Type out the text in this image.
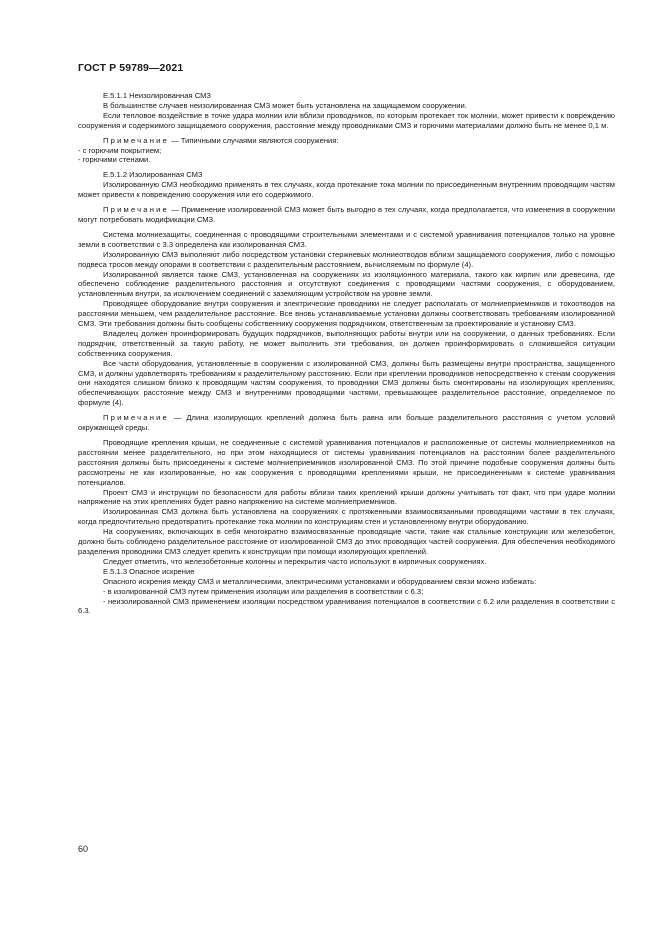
ГОСТ Р 59789—2021

Е.5.1.1 Неизолированная СМЗ

В большинстве случаев неизолированная СМЗ может быть установлена на защищаемом сооружении.

Если тепловое воздействие в точке удара молнии или вблизи проводников, по которым протекает ток молнии, может привести к повреждению сооружения и содержимого защищаемого сооружения, расстояние между проводниками СМЗ и горючими материалами должно быть не менее 0,1 м.

Примечание — Типичными случаями являются сооружения:

- с горючим покрытием;

- горючими стенами.

Е.5.1.2 Изолированная СМЗ

Изолированную СМЗ необходимо применять в тех случаях, когда протекание тока молнии по присоединенным внутренним проводящим частям может привести к повреждению сооружения или его содержимого.

Примечание — Применение изолированной СМЗ может быть выгодно в тех случаях, когда предполагается, что изменения в сооружении могут потребовать модификации СМЗ.

Система молниезащиты, соединенная с проводящими строительными элементами и с системой уравнивания потенциалов только на уровне земли в соответствии с 3.3 определена как изолированная СМЗ.

Изолированную СМЗ выполняют либо посредством установки стержневых молниеотводов вблизи защищаемого сооружения, либо с помощью подвеса тросов между опорами в соответствии с разделительным расстоянием, вычисляемым по формуле (4).

Изолированной является также СМЗ, установленная на сооружениях из изоляционного материала, такого как кирпич или древесина, где обеспечено соблюдение разделительного расстояния и отсутствуют соединения с проводящими частями сооружения, с оборудованием, установленным внутри, за исключением соединений с заземляющим устройством на уровне земли.

Проводящее оборудование внутри сооружения и электрические проводники не следует располагать от молниеприемников и токоотводов на расстоянии меньшем, чем разделительное расстояние. Все вновь устанавливаемые установки должны соответствовать требованиям изолированной СМЗ. Эти требования должны быть сообщены собственнику сооружения подрядчиком, ответственным за проектирование и установку СМЗ.

Владелец должен проинформировать будущих подрядчиков, выполняющих работы внутри или на сооружении, о данных требованиях. Если подрядчик, ответственный за такую работу, не может выполнить эти требования, он должен проинформировать о сложившейся ситуации собственника сооружения.

Все части оборудования, установленные в сооружении с изолированной СМЗ, должны быть размещены внутри пространства, защищенного СМЗ, и должны удовлетворять требованиям к разделительному расстоянию. Если при креплении проводников непосредственно к стенам сооружения они находятся слишком близко к проводящим частям сооружения, то проводники СМЗ должны быть смонтированы на изолирующих креплениях, обеспечивающих расстояние между СМЗ и внутренними проводящими частями, превышающее разделительное расстояние, определяемое по формуле (4).

Примечание — Длина изолирующих креплений должна быть равна или больше разделительного расстояния с учетом условий окружающей среды.

Проводящие крепления крыши, не соединенные с системой уравнивания потенциалов и расположенные от системы молниеприемников на расстоянии менее разделительного, но при этом находящиеся от системы уравнивания потенциалов на расстоянии более разделительного расстояния должны быть присоединены к системе молниеприемников изолированной СМЗ. По этой причине подобные сооружения должны быть рассмотрены не как изолированные, но как сооружения с проводящими креплениями крыши, не присоединенными к системе уравнивания потенциалов.

Проект СМЗ и инструкции по безопасности для работы вблизи таких креплений крыши должны учитывать тот факт, что при ударе молнии напряжение на этих креплениях будет равно напряжению на системе молниеприемников.

Изолированная СМЗ должна быть установлена на сооружениях с протяженными взаимосвязанными проводящими частями в тех случаях, когда предпочтительно предотвратить протекание тока молнии по конструкциям стен и установленному внутри оборудованию.

На сооружениях, включающих в себя многократно взаимосвязанные проводящие части, такие как стальные конструкции или железобетон, должно быть соблюдено разделительное расстояние от изолированной СМЗ до этих проводящих частей сооружения. Для обеспечения необходимого разделения проводники СМЗ следует крепить к конструкции при помощи изолирующих креплений.

Следует отметить, что железобетонные колонны и перекрытия часто используют в кирпичных сооружениях.

Е.5.1.3 Опасное искрение

Опасного искрения между СМЗ и металлическими, электрическими установками и оборудованием связи можно избежать:

- в изолированной СМЗ путем применения изоляции или разделения в соответствии с 6.3;

- неизолированной СМЗ применением изоляции посредством уравнивания потенциалов в соответствии с 6.2 или разделения в соответствии с 6.3.

60
